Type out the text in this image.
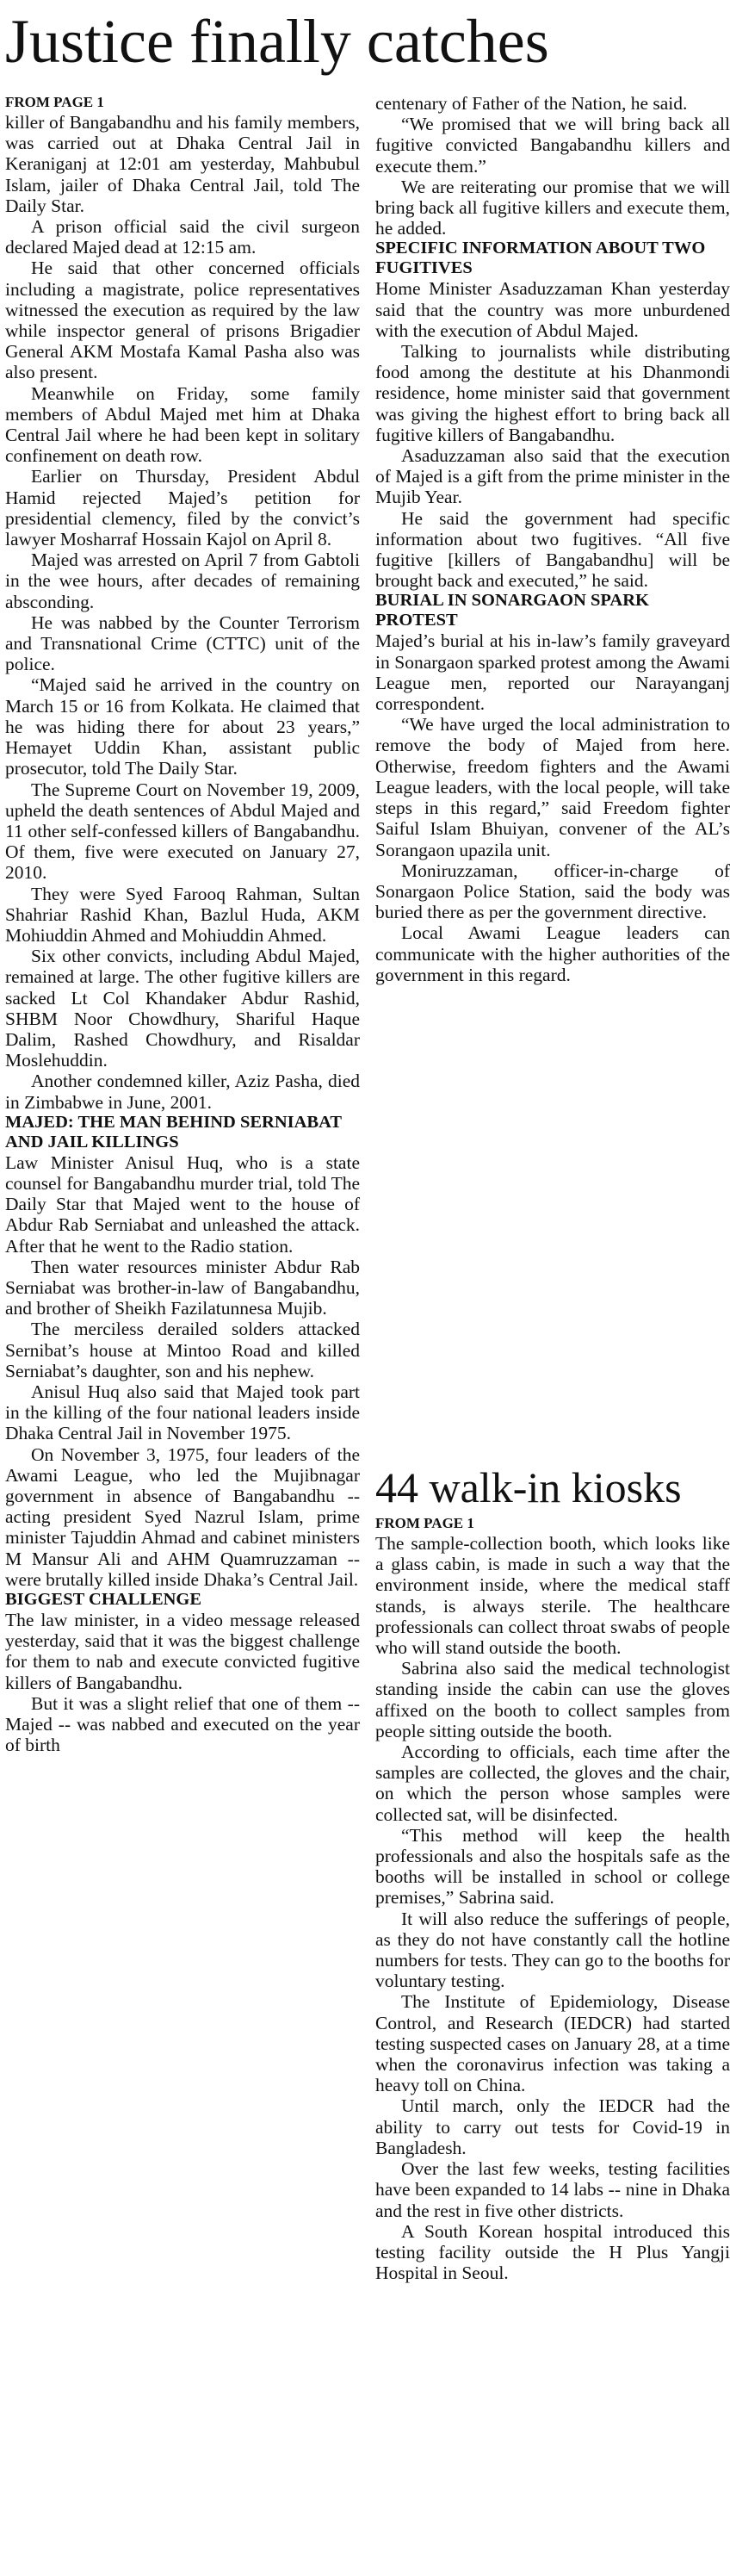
Justice finally catches
FROM PAGE 1

killer of Bangabandhu and his family members, was carried out at Dhaka Central Jail in Keraniganj at 12:01 am yesterday, Mahbubul Islam, jailer of Dhaka Central Jail, told The Daily Star.

A prison official said the civil surgeon declared Majed dead at 12:15 am.

He said that other concerned officials including a magistrate, police representatives witnessed the execution as required by the law while inspector general of prisons Brigadier General AKM Mostafa Kamal Pasha also was also present.

Meanwhile on Friday, some family members of Abdul Majed met him at Dhaka Central Jail where he had been kept in solitary confinement on death row.

Earlier on Thursday, President Abdul Hamid rejected Majed’s petition for presidential clemency, filed by the convict’s lawyer Mosharraf Hossain Kajol on April 8.

Majed was arrested on April 7 from Gabtoli in the wee hours, after decades of remaining absconding.

He was nabbed by the Counter Terrorism and Transnational Crime (CTTC) unit of the police.

“Majed said he arrived in the country on March 15 or 16 from Kolkata. He claimed that he was hiding there for about 23 years,” Hemayet Uddin Khan, assistant public prosecutor, told The Daily Star.

The Supreme Court on November 19, 2009, upheld the death sentences of Abdul Majed and 11 other self-confessed killers of Bangabandhu. Of them, five were executed on January 27, 2010.

They were Syed Farooq Rahman, Sultan Shahriar Rashid Khan, Bazlul Huda, AKM Mohiuddin Ahmed and Mohiuddin Ahmed.

Six other convicts, including Abdul Majed, remained at large. The other fugitive killers are sacked Lt Col Khandaker Abdur Rashid, SHBM Noor Chowdhury, Shariful Haque Dalim, Rashed Chowdhury, and Risaldar Moslehuddin.

Another condemned killer, Aziz Pasha, died in Zimbabwe in June, 2001.

MAJED: THE MAN BEHIND SERNIABAT AND JAIL KILLINGS

Law Minister Anisul Huq, who is a state counsel for Bangabandhu murder trial, told The Daily Star that Majed went to the house of Abdur Rab Serniabat and unleashed the attack. After that he went to the Radio station.

Then water resources minister Abdur Rab Serniabat was brother-in-law of Bangabandhu, and brother of Sheikh Fazilatunnesa Mujib.

The merciless derailed solders attacked Sernibat’s house at Mintoo Road and killed Serniabat’s daughter, son and his nephew.

Anisul Huq also said that Majed took part in the killing of the four national leaders inside Dhaka Central Jail in November 1975.

On November 3, 1975, four leaders of the Awami League, who led the Mujibnagar government in absence of Bangabandhu -- acting president Syed Nazrul Islam, prime minister Tajuddin Ahmad and cabinet ministers M Mansur Ali and AHM Quamruzzaman -- were brutally killed inside Dhaka’s Central Jail.

BIGGEST CHALLENGE

The law minister, in a video message released yesterday, said that it was the biggest challenge for them to nab and execute convicted fugitive killers of Bangabandhu.

But it was a slight relief that one of them -- Majed -- was nabbed and executed on the year of birth

centenary of Father of the Nation, he said.

“We promised that we will bring back all fugitive convicted Bangabandhu killers and execute them.”

We are reiterating our promise that we will bring back all fugitive killers and execute them, he added.

SPECIFIC INFORMATION ABOUT TWO FUGITIVES

Home Minister Asaduzzaman Khan yesterday said that the country was more unburdened with the execution of Abdul Majed.

Talking to journalists while distributing food among the destitute at his Dhanmondi residence, home minister said that government was giving the highest effort to bring back all fugitive killers of Bangabandhu.

Asaduzzaman also said that the execution of Majed is a gift from the prime minister in the Mujib Year.

He said the government had specific information about two fugitives. “All five fugitive [killers of Bangabandhu] will be brought back and executed,” he said.

BURIAL IN SONARGAON SPARK PROTEST

Majed’s burial at his in-law’s family graveyard in Sonargaon sparked protest among the Awami League men, reported our Narayanganj correspondent.

“We have urged the local administration to remove the body of Majed from here. Otherwise, freedom fighters and the Awami League leaders, with the local people, will take steps in this regard,” said Freedom fighter Saiful Islam Bhuiyan, convener of the AL’s Sorangaon upazila unit.

Moniruzzaman, officer-in-charge of Sonargaon Police Station, said the body was buried there as per the government directive.

Local Awami League leaders can communicate with the higher authorities of the government in this regard.

44 walk-in kiosks
FROM PAGE 1

The sample-collection booth, which looks like a glass cabin, is made in such a way that the environment inside, where the medical staff stands, is always sterile. The healthcare professionals can collect throat swabs of people who will stand outside the booth.

Sabrina also said the medical technologist standing inside the cabin can use the gloves affixed on the booth to collect samples from people sitting outside the booth.

According to officials, each time after the samples are collected, the gloves and the chair, on which the person whose samples were collected sat, will be disinfected.

“This method will keep the health professionals and also the hospitals safe as the booths will be installed in school or college premises,” Sabrina said.

It will also reduce the sufferings of people, as they do not have constantly call the hotline numbers for tests. They can go to the booths for voluntary testing.

The Institute of Epidemiology, Disease Control, and Research (IEDCR) had started testing suspected cases on January 28, at a time when the coronavirus infection was taking a heavy toll on China.

Until march, only the IEDCR had the ability to carry out tests for Covid-19 in Bangladesh.

Over the last few weeks, testing facilities have been expanded to 14 labs -- nine in Dhaka and the rest in five other districts.

A South Korean hospital introduced this testing facility outside the H Plus Yangji Hospital in Seoul.
